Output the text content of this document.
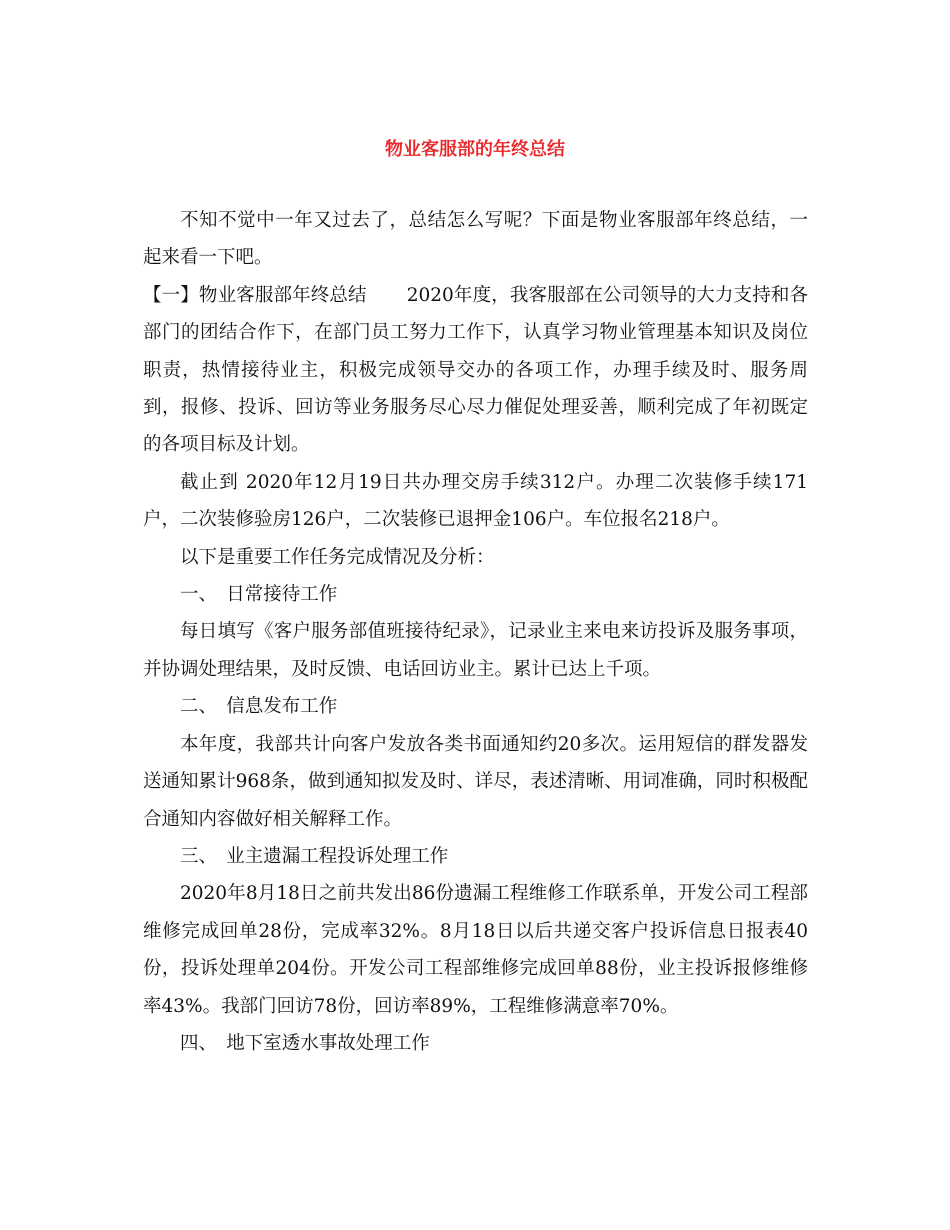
物业客服部的年终总结

不知不觉中一年又过去了，总结怎么写呢？下面是物业客服部年终总结，一起来看一下吧。

【一】物业客服部年终总结 2020年度，我客服部在公司领导的大力支持和各部门的团结合作下，在部门员工努力工作下，认真学习物业管理基本知识及岗位职责，热情接待业主，积极完成领导交办的各项工作，办理手续及时、服务周到，报修、投诉、回访等业务服务尽心尽力催促处理妥善，顺利完成了年初既定的各项目标及计划。

截止到 2020年12月19日共办理交房手续312户。办理二次装修手续171户，二次装修验房126户，二次装修已退押金106户。车位报名218户。

以下是重要工作任务完成情况及分析：

一、　日常接待工作

每日填写《客户服务部值班接待纪录》，记录业主来电来访投诉及服务事项，并协调处理结果，及时反馈、电话回访业主。累计已达上千项。

二、　信息发布工作

本年度，我部共计向客户发放各类书面通知约20多次。运用短信的群发器发送通知累计968条，做到通知拟发及时、详尽，表述清晰、用词准确，同时积极配合通知内容做好相关解释工作。

三、　业主遗漏工程投诉处理工作

2020年8月18日之前共发出86份遗漏工程维修工作联系单，开发公司工程部维修完成回单28份，完成率32%。8月18日以后共递交客户投诉信息日报表40份，投诉处理单204份。开发公司工程部维修完成回单88份，业主投诉报修维修率43%。我部门回访78份，回访率89%，工程维修满意率70%。

四、　地下室透水事故处理工作
